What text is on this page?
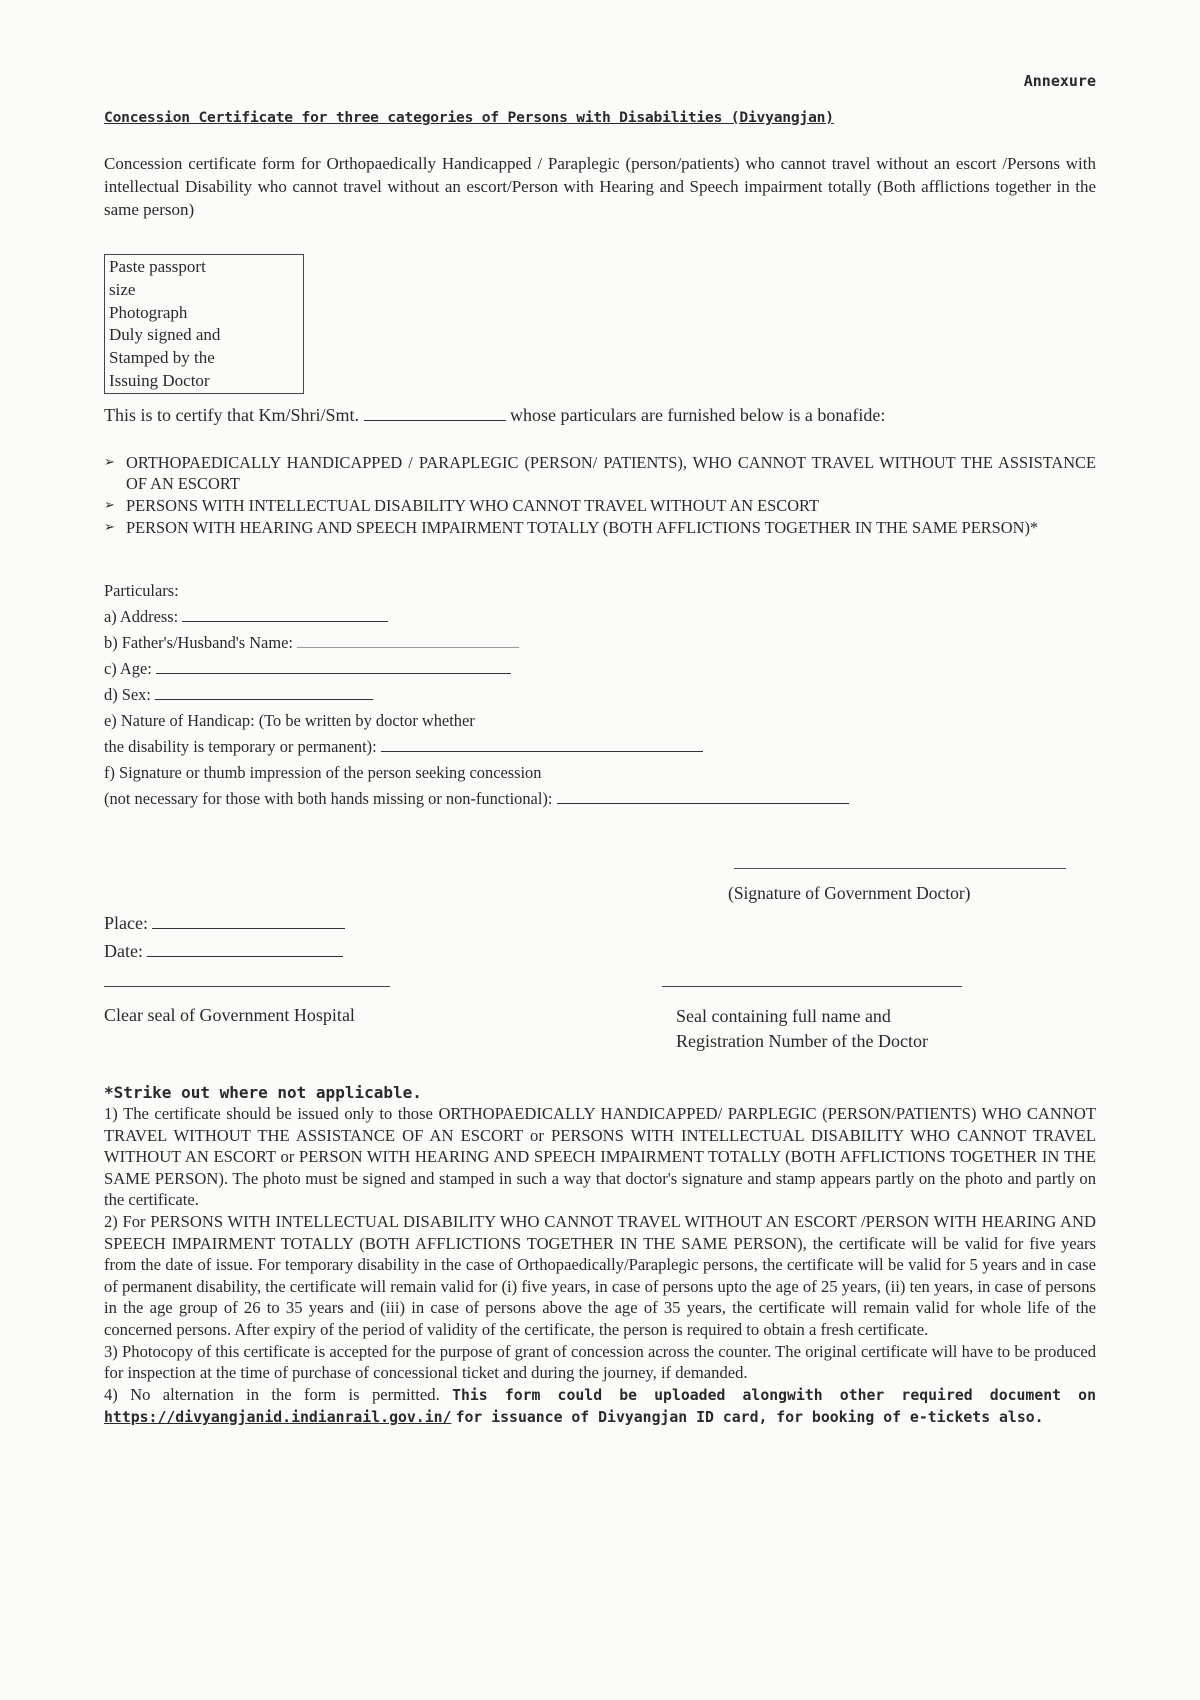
Annexure
Concession Certificate for three categories of Persons with Disabilities (Divyangjan)
Concession certificate form for Orthopaedically Handicapped / Paraplegic (person/patients) who cannot travel without an escort /Persons with intellectual Disability who cannot travel without an escort/Person with Hearing and Speech impairment totally (Both afflictions together in the same person)
Paste passport
size
Photograph
Duly signed and
Stamped by the
Issuing Doctor
This is to certify that Km/Shri/Smt.	whose particulars are furnished below is a bonafide:
➢ ORTHOPAEDICALLY HANDICAPPED / PARAPLEGIC (PERSON/ PATIENTS), WHO CANNOT TRAVEL WITHOUT THE ASSISTANCE OF AN ESCORT
➢ PERSONS WITH INTELLECTUAL DISABILITY WHO CANNOT TRAVEL WITHOUT AN ESCORT
➢ PERSON WITH HEARING AND SPEECH IMPAIRMENT TOTALLY (BOTH AFFLICTIONS TOGETHER IN THE SAME PERSON)*
Particulars:
a) Address:
b) Father's/Husband's Name:
c) Age:
d) Sex:
e) Nature of Handicap: (To be written by doctor whether
the disability is temporary or permanent):
f) Signature or thumb impression of the person seeking concession
(not necessary for those with both hands missing or non-functional):
(Signature of Government Doctor)
Place:
Date:
Clear seal of Government Hospital	Seal containing full name and
Registration Number of the Doctor
*Strike out where not applicable.

1) The certificate should be issued only to those ORTHOPAEDICALLY HANDICAPPED/ PARPLEGIC (PERSON/PATIENTS) WHO CANNOT TRAVEL WITHOUT THE ASSISTANCE OF AN ESCORT or PERSONS WITH INTELLECTUAL DISABILITY WHO CANNOT TRAVEL WITHOUT AN ESCORT or PERSON WITH HEARING AND SPEECH IMPAIRMENT TOTALLY (BOTH AFFLICTIONS TOGETHER IN THE SAME PERSON). The photo must be signed and stamped in such a way that doctor's signature and stamp appears partly on the photo and partly on the certificate.

2) For PERSONS WITH INTELLECTUAL DISABILITY WHO CANNOT TRAVEL WITHOUT AN ESCORT /PERSON WITH HEARING AND SPEECH IMPAIRMENT TOTALLY (BOTH AFFLICTIONS TOGETHER IN THE SAME PERSON), the certificate will be valid for five years from the date of issue. For temporary disability in the case of Orthopaedically/Paraplegic persons, the certificate will be valid for 5 years and in case of permanent disability, the certificate will remain valid for (i) five years, in case of persons upto the age of 25 years, (ii) ten years, in case of persons in the age group of 26 to 35 years and (iii) in case of persons above the age of 35 years, the certificate will remain valid for whole life of the concerned persons. After expiry of the period of validity of the certificate, the person is required to obtain a fresh certificate.

3) Photocopy of this certificate is accepted for the purpose of grant of concession across the counter. The original certificate will have to be produced for inspection at the time of purchase of concessional ticket and during the journey, if demanded.

4) No alternation in the form is permitted. This form could be uploaded alongwith other required document on https://divyangjanid.indianrail.gov.in/ for issuance of Divyangjan ID card, for booking of e-tickets also.
